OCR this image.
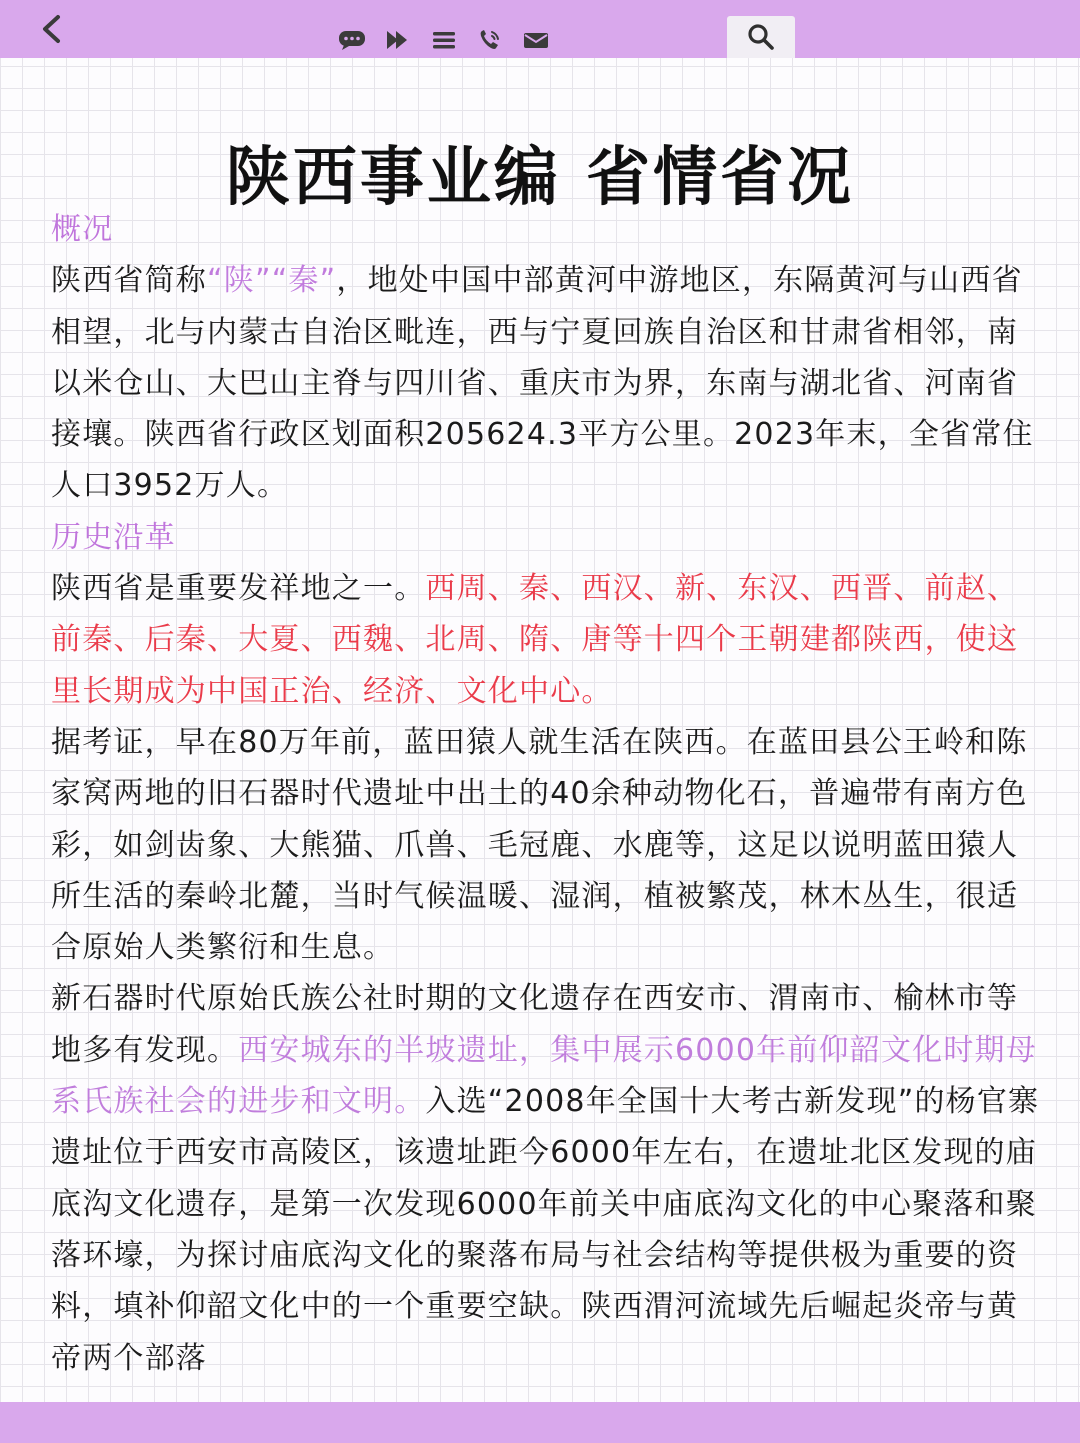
陕西事业编 省情省况

概况

陕西省简称“陕”“秦”，地处中国中部黄河中游地区，东隔黄河与山西省相望，北与内蒙古自治区毗连，西与宁夏回族自治区和甘肃省相邻，南以米仓山、大巴山主脊与四川省、重庆市为界，东南与湖北省、河南省接壤。陕西省行政区划面积205624.3平方公里。2023年末，全省常住人口3952万人。

历史沿革

陕西省是重要发祥地之一。西周、秦、西汉、新、东汉、西晋、前赵、前秦、后秦、大夏、西魏、北周、隋、唐等十四个王朝建都陕西，使这里长期成为中国正治、经济、文化中心。

据考证，早在80万年前，蓝田猿人就生活在陕西。在蓝田县公王岭和陈家窝两地的旧石器时代遗址中出土的40余种动物化石，普遍带有南方色彩，如剑齿象、大熊猫、爪兽、毛冠鹿、水鹿等，这足以说明蓝田猿人所生活的秦岭北麓，当时气候温暖、湿润，植被繁茂，林木丛生，很适合原始人类繁衍和生息。

新石器时代原始氏族公社时期的文化遗存在西安市、渭南市、榆林市等地多有发现。西安城东的半坡遗址，集中展示6000年前仰韶文化时期母系氏族社会的进步和文明。入选“2008年全国十大考古新发现”的杨官寨遗址位于西安市高陵区，该遗址距今6000年左右，在遗址北区发现的庙底沟文化遗存，是第一次发现6000年前关中庙底沟文化的中心聚落和聚落环壕，为探讨庙底沟文化的聚落布局与社会结构等提供极为重要的资料，填补仰韶文化中的一个重要空缺。陕西渭河流域先后崛起炎帝与黄帝两个部落
